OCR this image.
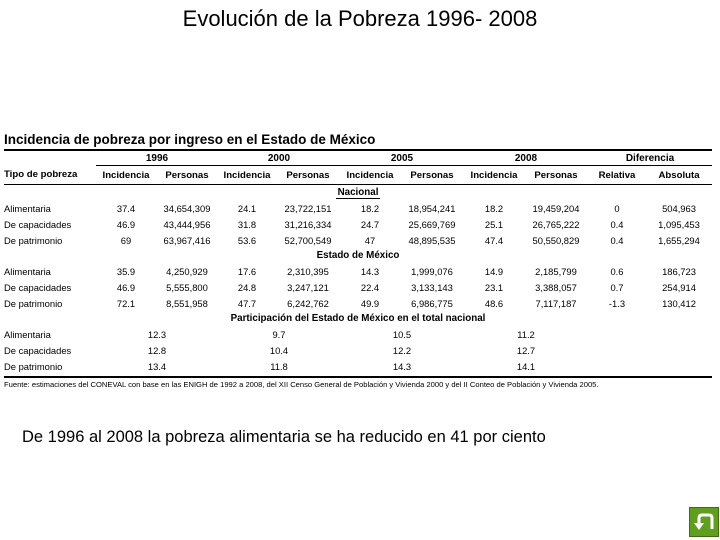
Evolución de la Pobreza 1996- 2008
Incidencia de pobreza por ingreso en el Estado de México
	1996		2000		2005		2008		Diferencia	
Tipo de pobreza	Incidencia	Personas	Incidencia	Personas	Incidencia	Personas	Incidencia	Personas	Relativa	Absoluta
Nacional										
Alimentaria	37.4	34,654,309	24.1	23,722,151	18.2	18,954,241	18.2	19,459,204	0	504,963
De capacidades	46.9	43,444,956	31.8	31,216,334	24.7	25,669,769	25.1	26,765,222	0.4	1,095,453
De patrimonio	69	63,967,416	53.6	52,700,549	47	48,895,535	47.4	50,550,829	0.4	1,655,294
Estado de México										
Alimentaria	35.9	4,250,929	17.6	2,310,395	14.3	1,999,076	14.9	2,185,799	0.6	186,723
De capacidades	46.9	5,555,800	24.8	3,247,121	22.4	3,133,143	23.1	3,388,057	0.7	254,914
De patrimonio	72.1	8,551,958	47.7	6,242,762	49.9	6,986,775	48.6	7,117,187	-1.3	130,412
Participación del Estado de México en el total nacional										
Alimentaria	12.3		9.7		10.5		11.2			
De capacidades	12.8		10.4		12.2		12.7			
De patrimonio	13.4		11.8		14.3		14.1			

Fuente: estimaciones del CONEVAL con base en las ENIGH de 1992 a 2008, del XII Censo General de Población y Vivienda 2000 y del II Conteo de Población y Vivienda 2005.
De 1996 al 2008 la pobreza alimentaria se ha reducido en 41 por ciento
